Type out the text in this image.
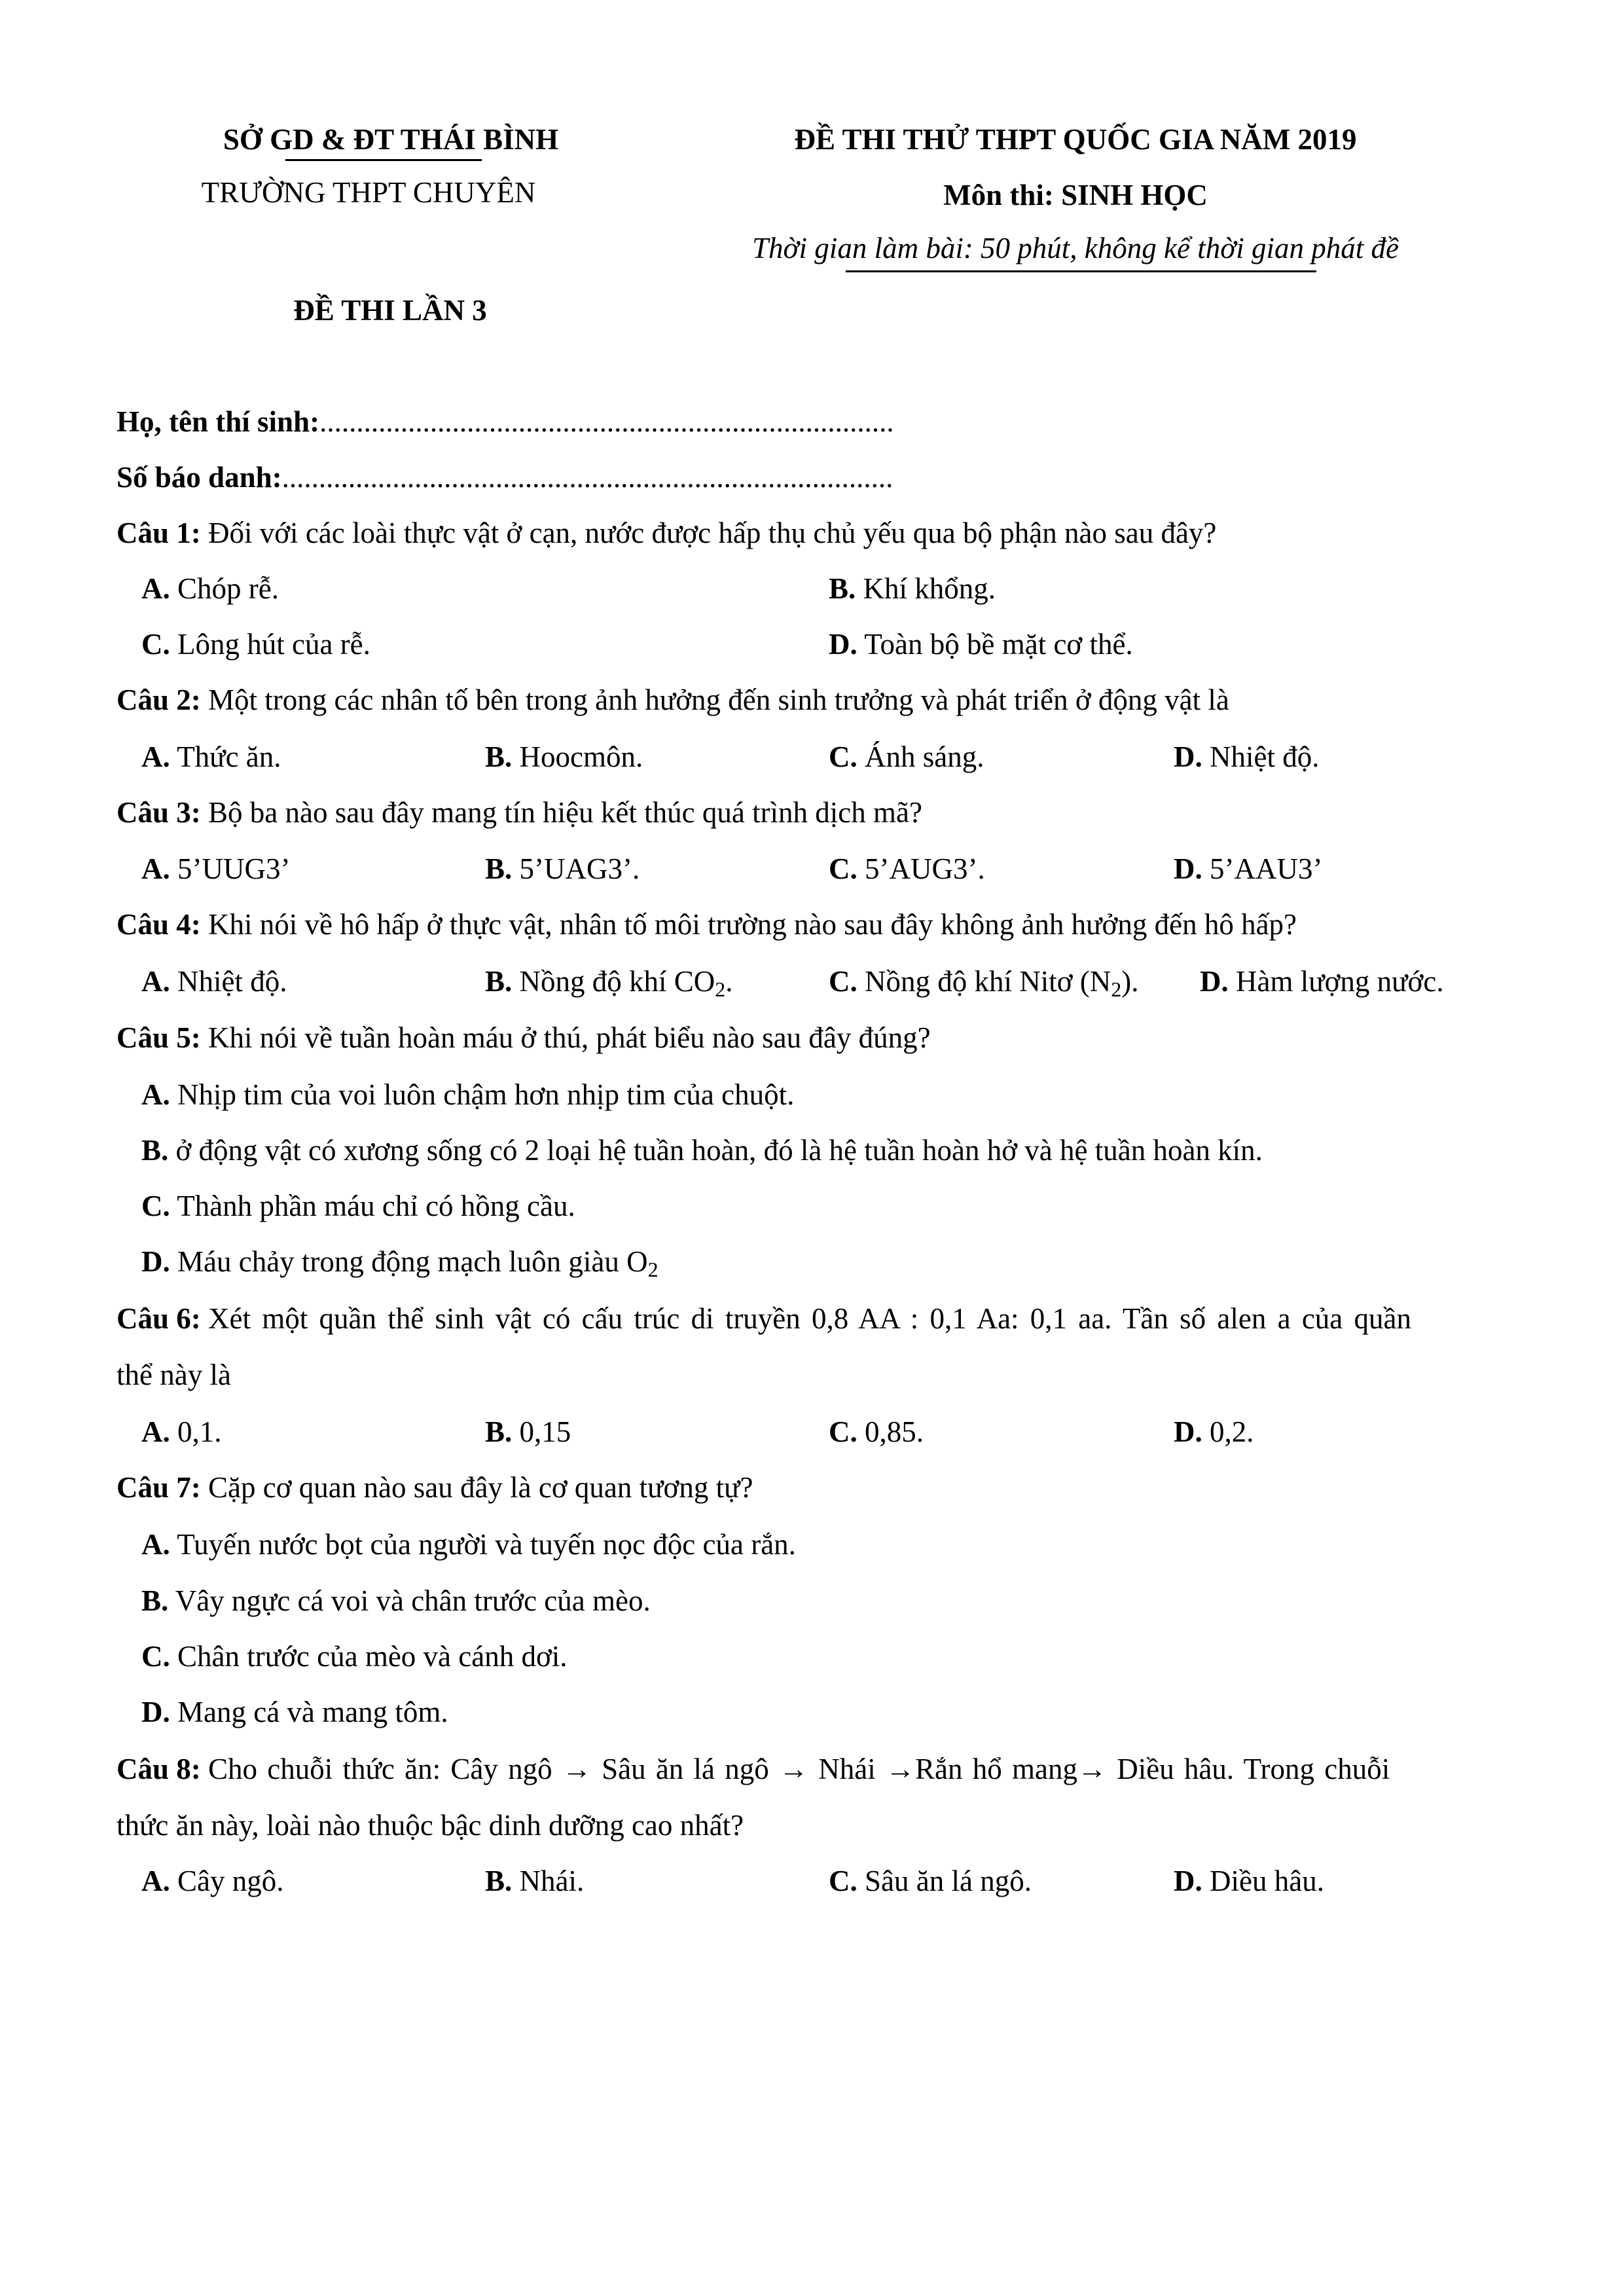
SỞ GD & ĐT THÁI BÌNH
TRƯỜNG THPT CHUYÊN
ĐỀ THI LẦN 3
ĐỀ THI THỬ THPT QUỐC GIA NĂM 2019
Môn thi: SINH HỌC
Thời gian làm bài: 50 phút, không kể thời gian phát đề
Họ, tên thí sinh:..............................................................................
Số báo danh:...................................................................................
Câu 1: Đối với các loài thực vật ở cạn, nước được hấp thụ chủ yếu qua bộ phận nào sau đây?
A. Chóp rễ.	B. Khí khổng.
C. Lông hút của rễ.	D. Toàn bộ bề mặt cơ thể.
Câu 2: Một trong các nhân tố bên trong ảnh hưởng đến sinh trưởng và phát triển ở động vật là
A. Thức ăn.	B. Hoocmôn.	C. Ánh sáng.	D. Nhiệt độ.
Câu 3: Bộ ba nào sau đây mang tín hiệu kết thúc quá trình dịch mã?
A. 5’UUG3’	B. 5’UAG3’.	C. 5’AUG3’.	D. 5’AAU3’
Câu 4: Khi nói về hô hấp ở thực vật, nhân tố môi trường nào sau đây không ảnh hưởng đến hô hấp?
A. Nhiệt độ.	B. Nồng độ khí $CO_2$.	C. Nồng độ khí Nitơ $(N_2)$. D. Hàm lượng nước.
Câu 5: Khi nói về tuần hoàn máu ở thú, phát biểu nào sau đây đúng?
A. Nhịp tim của voi luôn chậm hơn nhịp tim của chuột.
B. ở động vật có xương sống có 2 loại hệ tuần hoàn, đó là hệ tuần hoàn hở và hệ tuần hoàn kín.
C. Thành phần máu chỉ có hồng cầu.
D. Máu chảy trong động mạch luôn giàu $O_2$
Câu 6: Xét một quần thể sinh vật có cấu trúc di truyền 0,8 AA : 0,1 Aa: 0,1 aa. Tần số alen a của quần
thể này là
A. 0,1.	B. 0,15	C. 0,85.	D. 0,2.
Câu 7: Cặp cơ quan nào sau đây là cơ quan tương tự?
A. Tuyến nước bọt của người và tuyến nọc độc của rắn.
B. Vây ngực cá voi và chân trước của mèo.
C. Chân trước của mèo và cánh dơi.
D. Mang cá và mang tôm.
Câu 8: Cho chuỗi thức ăn: Cây ngô → Sâu ăn lá ngô → Nhái →Rắn hổ mang→ Diều hâu. Trong chuỗi
thức ăn này, loài nào thuộc bậc dinh dưỡng cao nhất?
A. Cây ngô.	B. Nhái.	C. Sâu ăn lá ngô.	D. Diều hâu.
